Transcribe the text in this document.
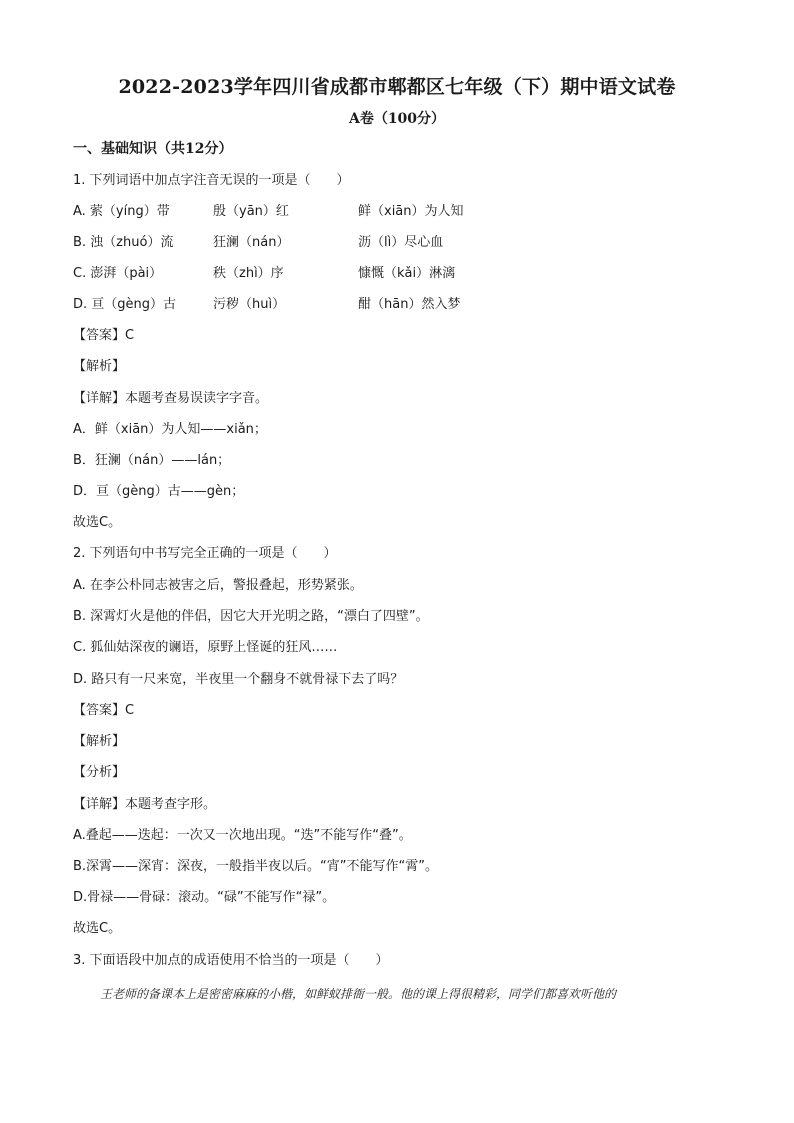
2022-2023学年四川省成都市郫都区七年级（下）期中语文试卷
A卷（100分）
一、基础知识（共12分）
1. 下列词语中加点字注音无误的一项是（　　）
A. 萦（yíng）带	殷（yān）红	鲜（xiān）为人知
B. 浊（zhuó）流	狂澜（nán）	沥（lì）尽心血
C. 澎湃（pài）	秩（zhì）序	慷慨（kǎi）淋漓
D. 亘（gèng）古	污秽（huì）	酣（hān）然入梦
【答案】C
【解析】
【详解】本题考查易误读字字音。
A．鲜（xiān）为人知——xiǎn；
B．狂澜（nán）——lán；
D．亘（gèng）古——gèn；
故选C。
2. 下列语句中书写完全正确的一项是（　　）
A. 在李公朴同志被害之后，警报叠起，形势紧张。
B. 深霄灯火是他的伴侣，因它大开光明之路，“漂白了四壁”。
C. 狐仙姑深夜的谰语，原野上怪诞的狂风……
D. 路只有一尺来宽，半夜里一个翻身不就骨禄下去了吗？
【答案】C
【解析】
【分析】
【详解】本题考查字形。
A.叠起——迭起：一次又一次地出现。“迭”不能写作“叠”。
B.深霄——深宵：深夜，一般指半夜以后。“宵”不能写作“霄”。
D.骨禄——骨碌：滚动。“碌”不能写作“禄”。
故选C。
3. 下面语段中加点的成语使用不恰当的一项是（　　）
王老师的备课本上是密密麻麻的小楷，如鲜蚁排衙一般。他的课上得很精彩，同学们都喜欢听他的
